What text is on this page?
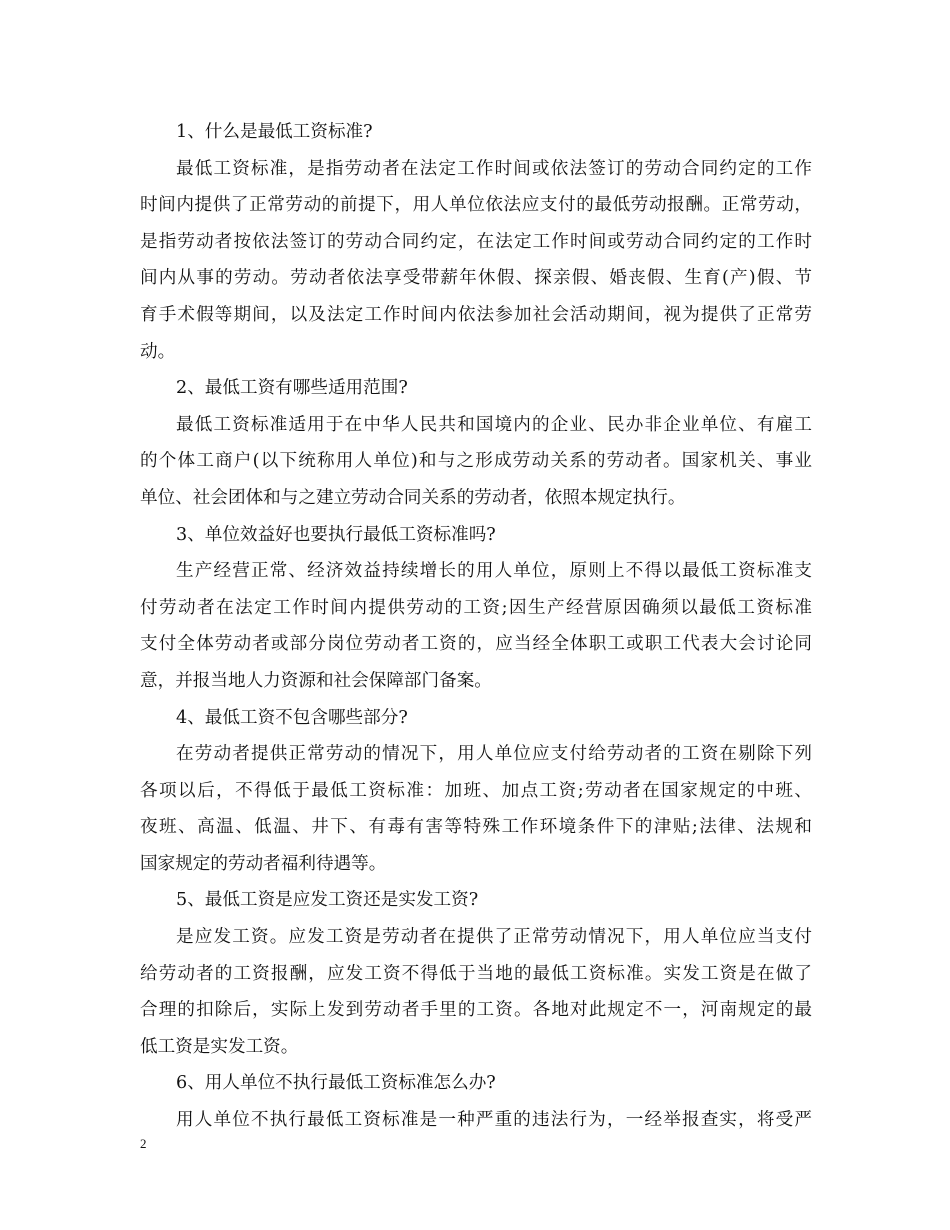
1、什么是最低工资标准?
最低工资标准，是指劳动者在法定工作时间或依法签订的劳动合同约定的工作
时间内提供了正常劳动的前提下，用人单位依法应支付的最低劳动报酬。正常劳动，
是指劳动者按依法签订的劳动合同约定，在法定工作时间或劳动合同约定的工作时
间内从事的劳动。劳动者依法享受带薪年休假、探亲假、婚丧假、生育(产)假、节
育手术假等期间，以及法定工作时间内依法参加社会活动期间，视为提供了正常劳
动。
2、最低工资有哪些适用范围?
最低工资标准适用于在中华人民共和国境内的企业、民办非企业单位、有雇工
的个体工商户(以下统称用人单位)和与之形成劳动关系的劳动者。国家机关、事业
单位、社会团体和与之建立劳动合同关系的劳动者，依照本规定执行。
3、单位效益好也要执行最低工资标准吗?
生产经营正常、经济效益持续增长的用人单位，原则上不得以最低工资标准支
付劳动者在法定工作时间内提供劳动的工资;因生产经营原因确须以最低工资标准
支付全体劳动者或部分岗位劳动者工资的，应当经全体职工或职工代表大会讨论同
意，并报当地人力资源和社会保障部门备案。
4、最低工资不包含哪些部分?
在劳动者提供正常劳动的情况下，用人单位应支付给劳动者的工资在剔除下列
各项以后，不得低于最低工资标准：加班、加点工资;劳动者在国家规定的中班、
夜班、高温、低温、井下、有毒有害等特殊工作环境条件下的津贴;法律、法规和
国家规定的劳动者福利待遇等。
5、最低工资是应发工资还是实发工资?
是应发工资。应发工资是劳动者在提供了正常劳动情况下，用人单位应当支付
给劳动者的工资报酬，应发工资不得低于当地的最低工资标准。实发工资是在做了
合理的扣除后，实际上发到劳动者手里的工资。各地对此规定不一，河南规定的最
低工资是实发工资。
6、用人单位不执行最低工资标准怎么办?
用人单位不执行最低工资标准是一种严重的违法行为，一经举报查实，将受严
2
